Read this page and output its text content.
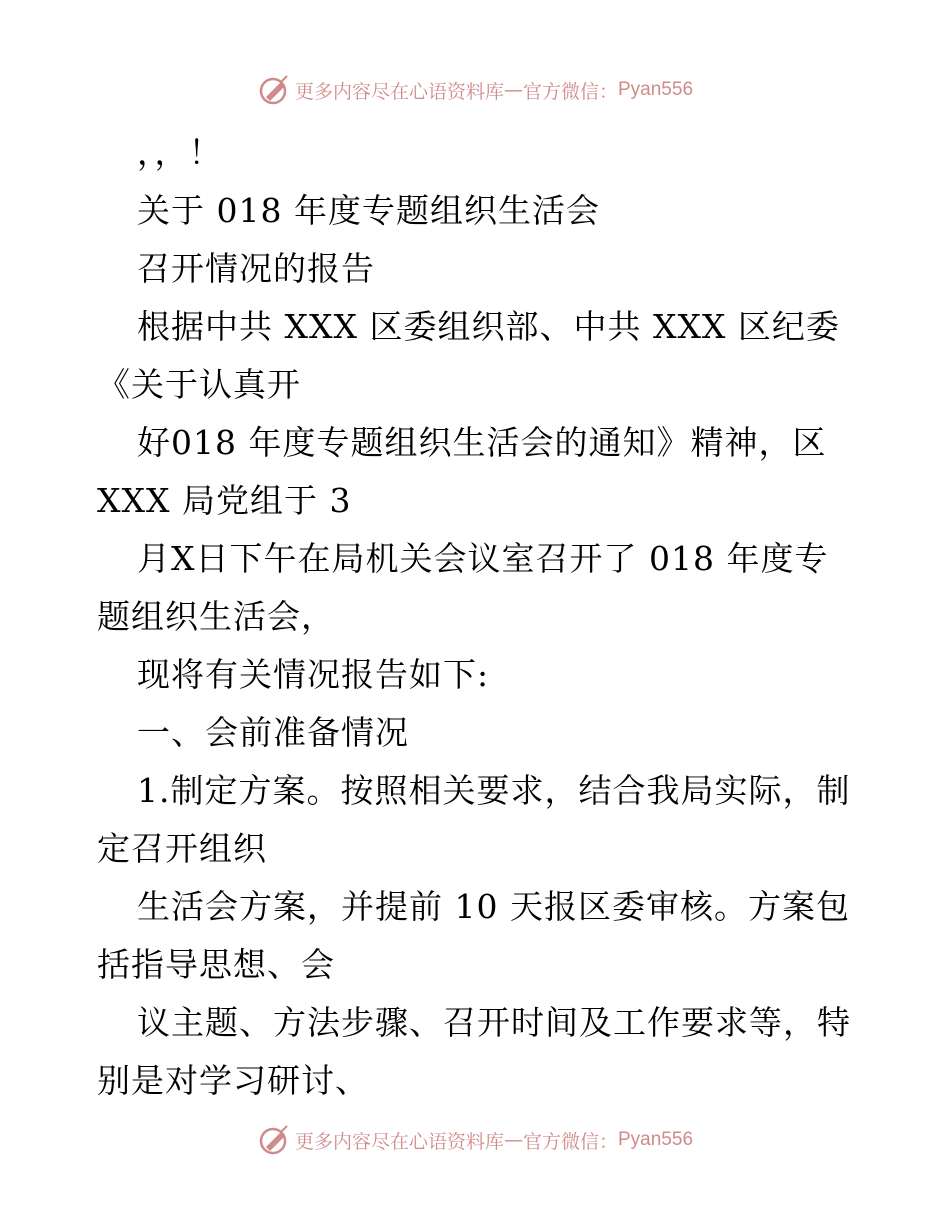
更多内容尽在心语资料库 — 官方微信： Pyan556
，，！
关于 018 年度专题组织生活会
召开情况的报告
根据中共 XXX 区委组织部、中共 XXX 区纪委
《关于认真开
好018 年度专题组织生活会的通知》精神，区
XXX 局党组于 3
月X日下午在局机关会议室召开了 018 年度专
题组织生活会，
现将有关情况报告如下:
一、会前准备情况
1.制定方案。按照相关要求，结合我局实际，制
定召开组织
生活会方案，并提前 10 天报区委审核。方案包
括指导思想、会
议主题、方法步骤、召开时间及工作要求等，特
别是对学习研讨、
更多内容尽在心语资料库 — 官方微信： Pyan556
